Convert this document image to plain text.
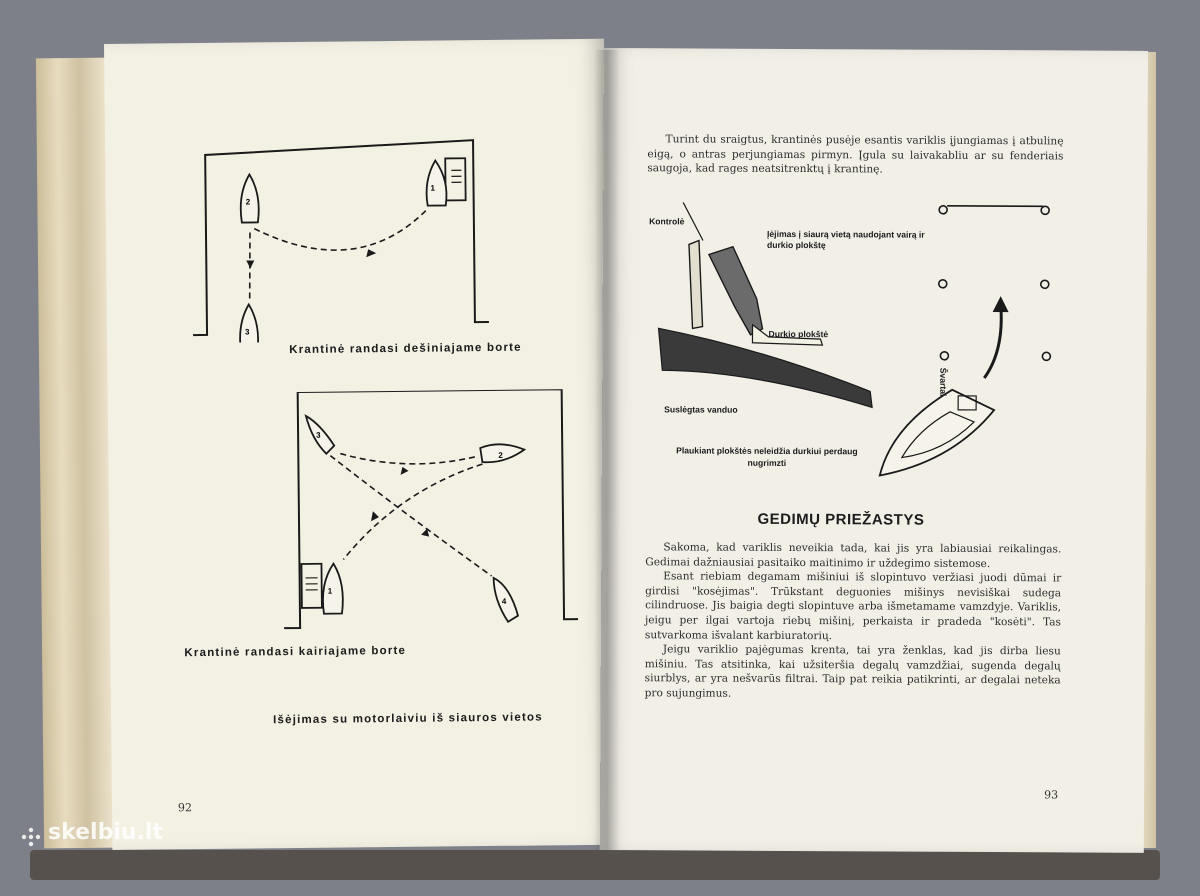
1
2
3
Krantinė randasi dešiniajame borte
1
2
3
4
Krantinė randasi kairiajame borte
Išėjimas su motorlaiviu iš siauros vietos
92

Turint du sraigtus, krantinės pusėje esantis variklis įjungiamas į atbulinę eigą, o antras perjungiamas pirmyn. Įgula su laivakabliu ar su fenderiais saugoja, kad rages neatsitrenktų į krantinę.

Kontrolė
Įėjimas į siaurą vietą naudojant vairą ir durkio plokštę
Durkio plokštė
Suslėgtas vanduo
Plaukiant plokštės neleidžia durkiui perdaug nugrimzti
Švartai
GEDIMŲ PRIEŽASTYS

Sakoma, kad variklis neveikia tada, kai jis yra labiausiai reikalingas. Gedimai dažniausiai pasitaiko maitinimo ir uždegimo sistemose.

Esant riebiam degamam mišiniui iš slopintuvo veržiasi juodi dūmai ir girdisi "kosėjimas". Trūkstant deguonies mišinys nevisiškai sudega cilindruose. Jis baigia degti slopintuve arba išmetamame vamzdyje. Variklis, jeigu per ilgai vartoja riebų mišinį, perkaista ir pradeda "kosėti". Tas sutvarkoma išvalant karbiuratorių.

Jeigu variklio pajėgumas krenta, tai yra ženklas, kad jis dirba liesu mišiniu. Tas atsitinka, kai užsiteršia degalų vamzdžiai, sugenda degalų siurblys, ar yra nešvarūs filtrai. Taip pat reikia patikrinti, ar degalai neteka pro sujungimus.

93
skelbiu.lt
